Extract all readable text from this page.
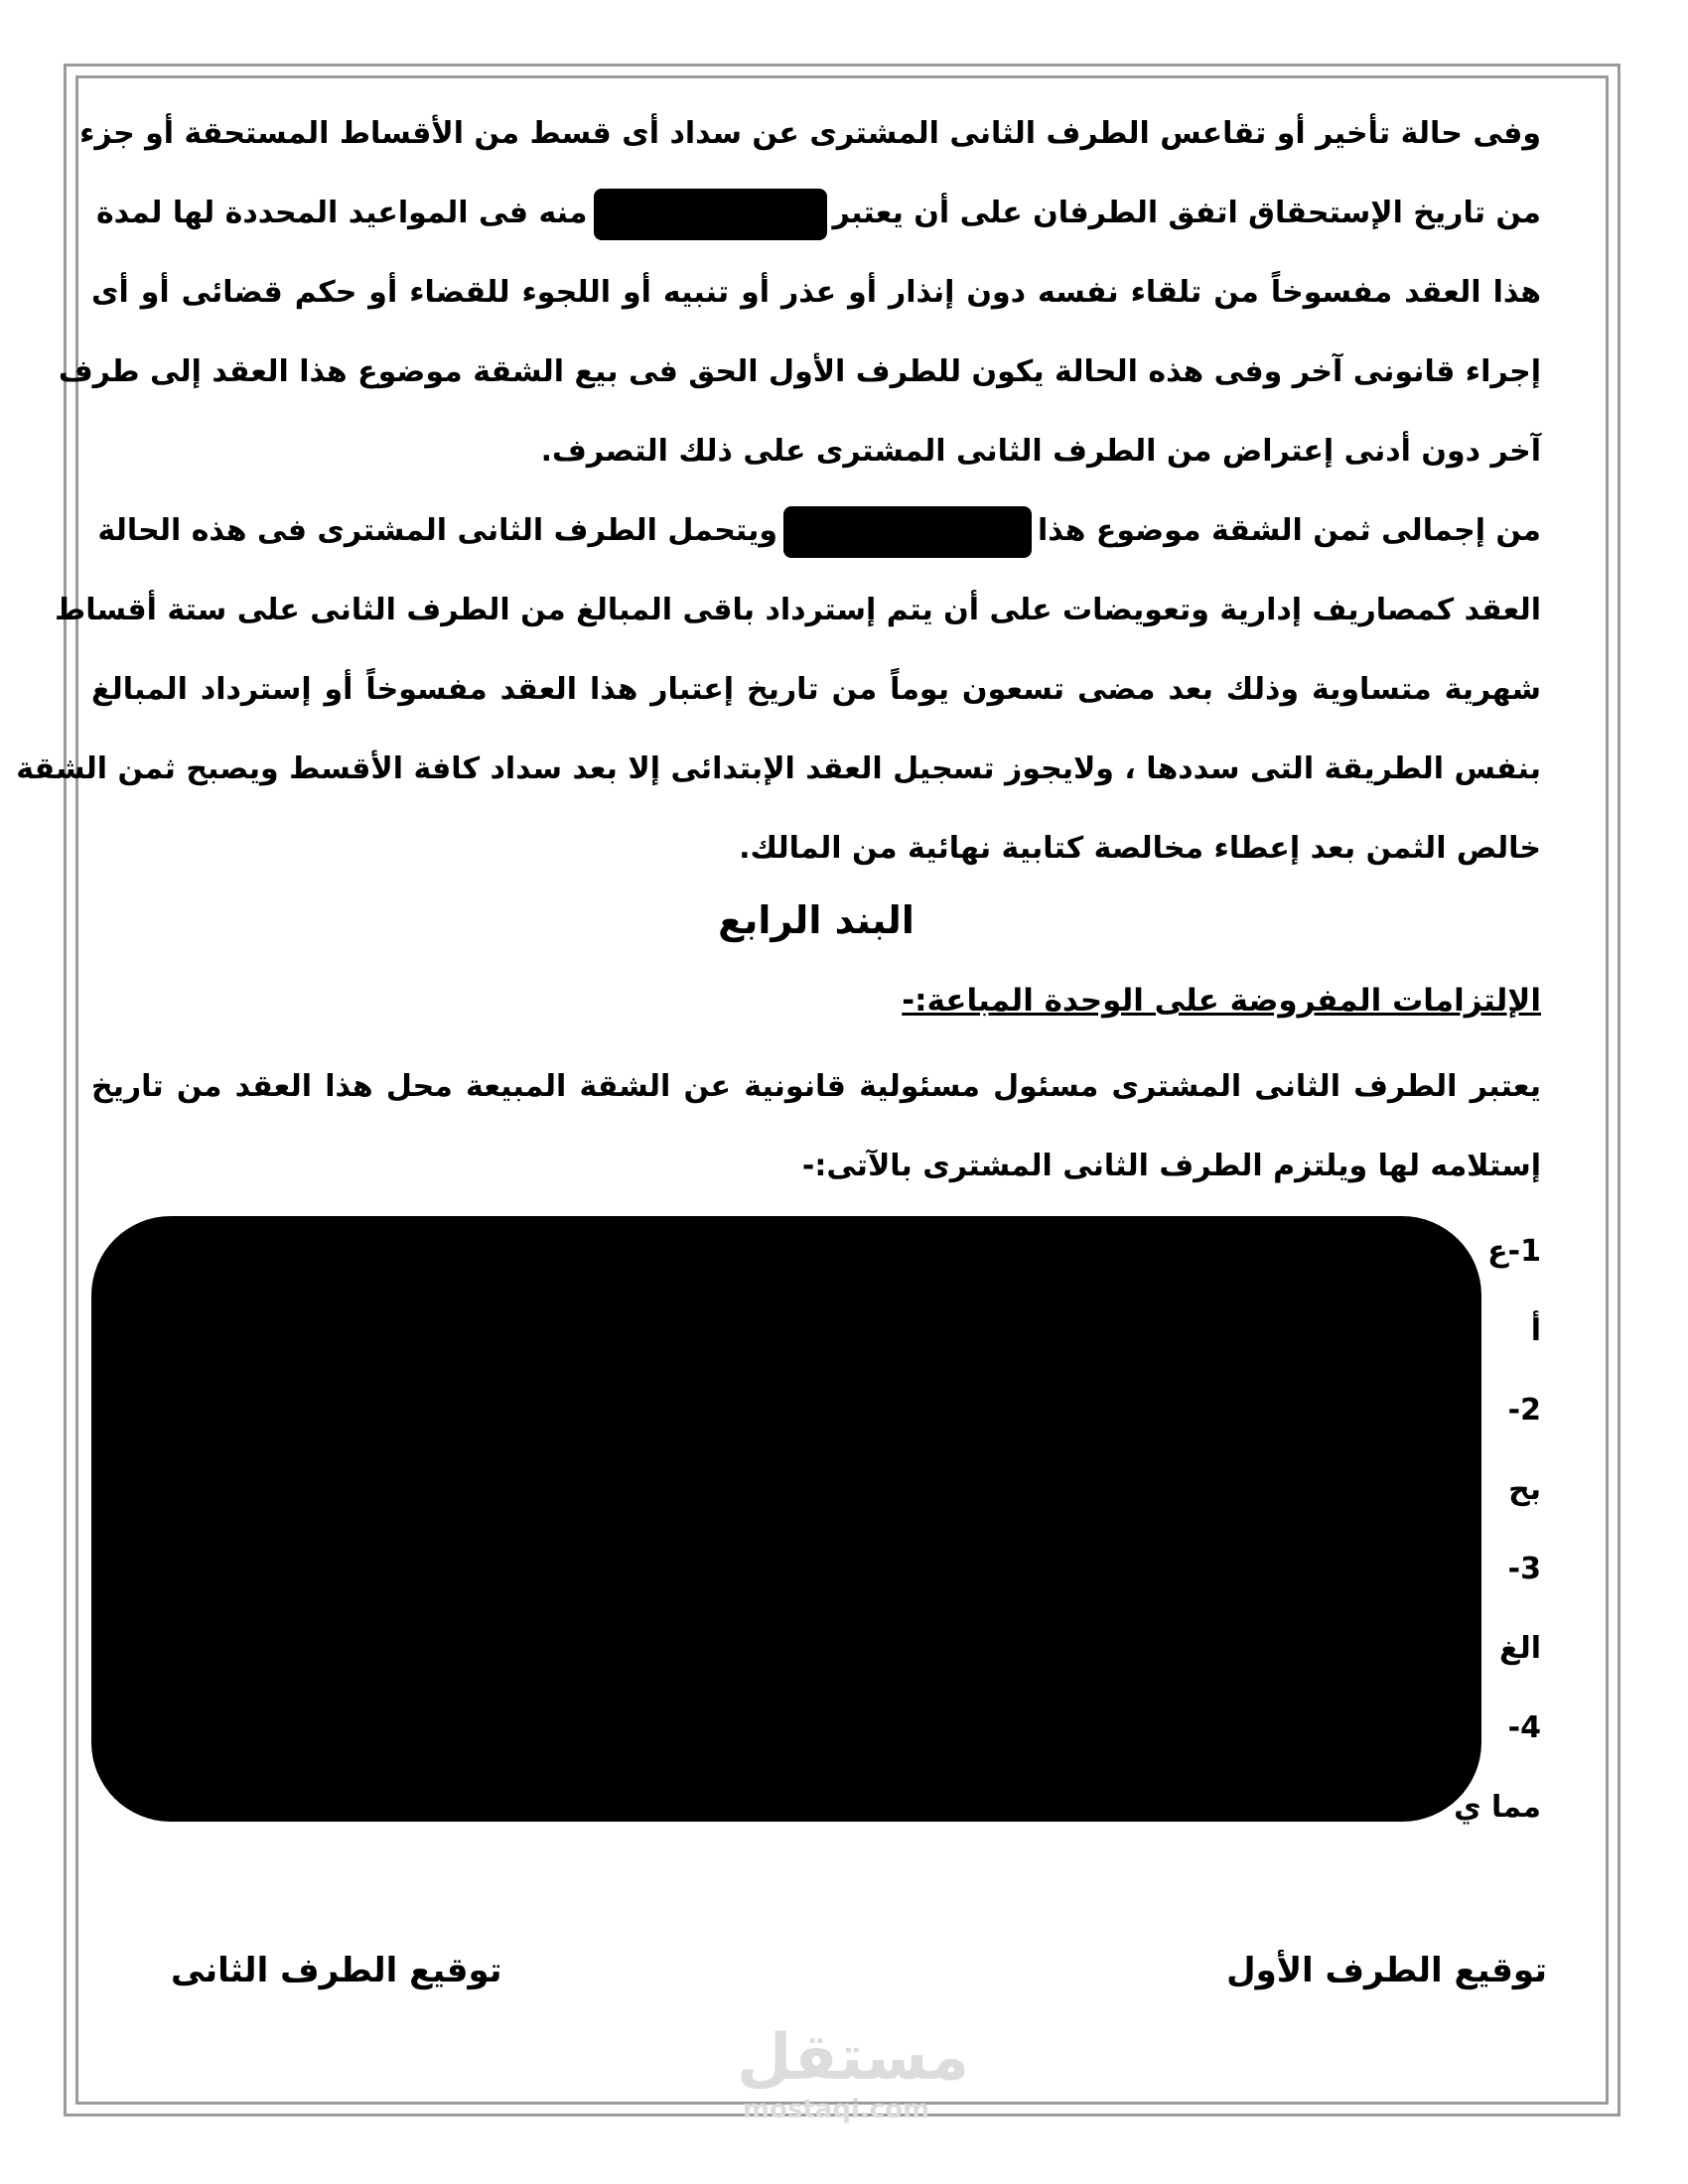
وفى حالة تأخير أو تقاعس الطرف الثانى المشترى عن سداد أى قسط من الأقساط المستحقة أو جزء
من تاريخ الإستحقاق اتفق الطرفان على أن يعتبرمنه فى المواعيد المحددة لها لمدة
هذا العقد مفسوخاً من تلقاء نفسه دون إنذار أو عذر أو تنبيه أو اللجوء للقضاء أو حكم قضائى أو أى
إجراء قانونى آخر وفى هذه الحالة يكون للطرف الأول الحق فى بيع الشقة موضوع هذا العقد إلى طرف
آخر دون أدنى إعتراض من الطرف الثانى المشترى على ذلك التصرف.
من إجمالى ثمن الشقة موضوع هذاويتحمل الطرف الثانى المشترى فى هذه الحالة
العقد كمصاريف إدارية وتعويضات على أن يتم إسترداد باقى المبالغ من الطرف الثانى على ستة أقساط
شهرية متساوية وذلك بعد مضى تسعون يوماً من تاريخ إعتبار هذا العقد مفسوخاً أو إسترداد المبالغ
بنفس الطريقة التى سددها ، ولايجوز تسجيل العقد الإبتدائى إلا بعد سداد كافة الأقسط ويصبح ثمن الشقة
خالص الثمن بعد إعطاء مخالصة كتابية نهائية من المالك.
البند الرابع
الإلتزامات المفروضة على الوحدة المباعة:-
يعتبر الطرف الثانى المشترى مسئول مسئولية قانونية عن الشقة المبيعة محل هذا العقد من تاريخ
إستلامه لها ويلتزم الطرف الثانى المشترى بالآتى:-
1-ع
أ
2-
بح
3-
الغ
4-
مما ي
توقيع الطرف الأول
توقيع الطرف الثانى
مستقل
mostaqi.com
